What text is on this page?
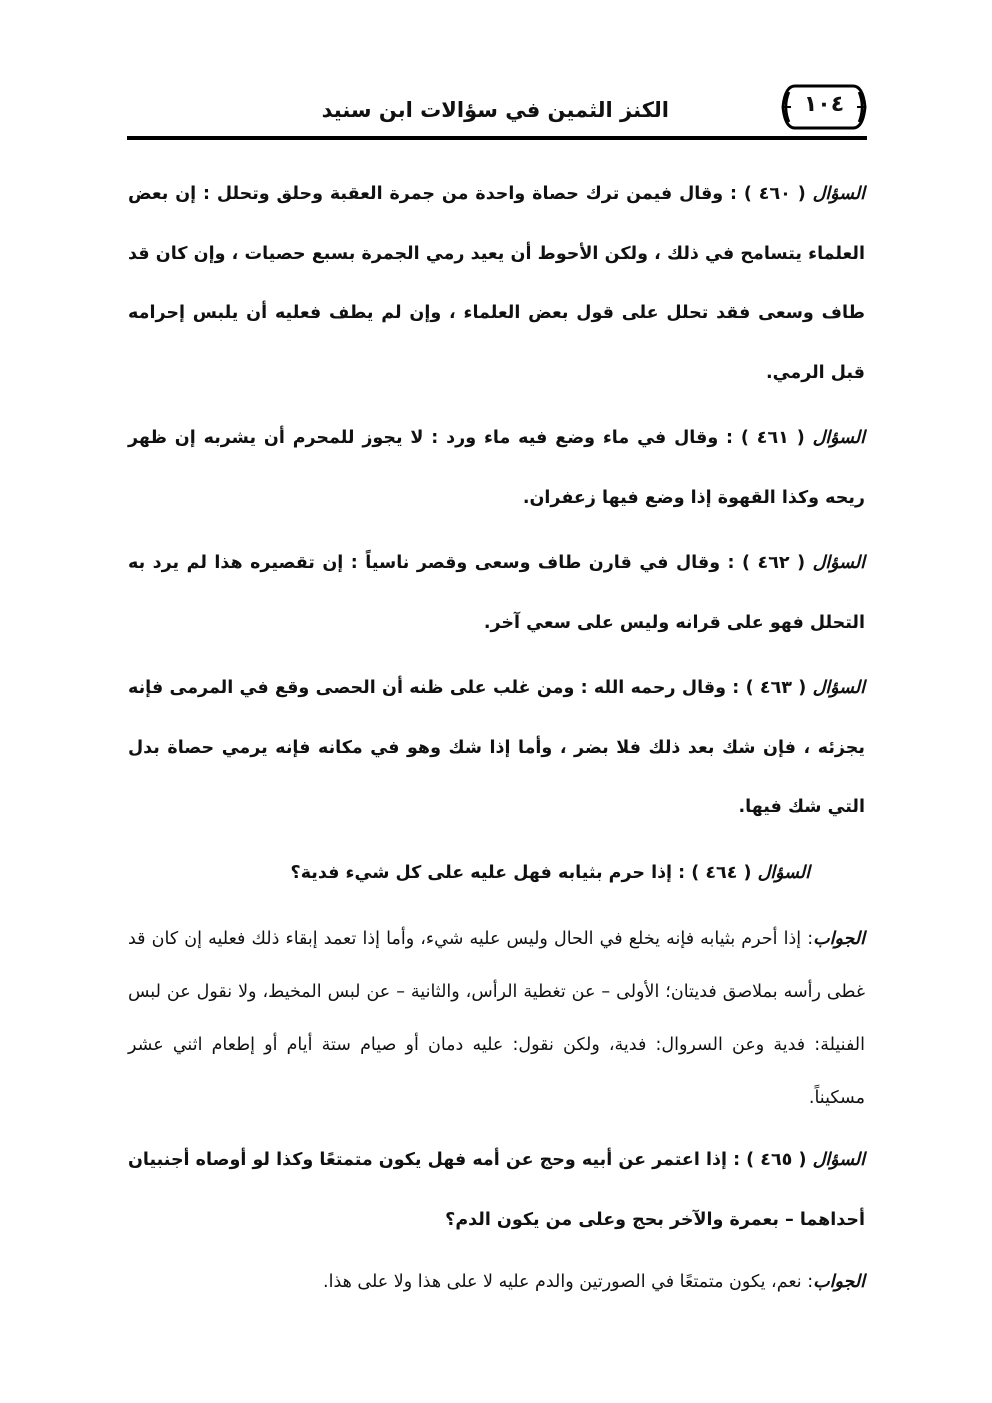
الكنز الثمين في سؤالات ابن سنيد	١٠٤

السؤال ( ٤٦٠ ) : وقال فيمن ترك حصاة واحدة من جمرة العقبة وحلق وتحلل : إن بعض العلماء يتسامح في ذلك ، ولكن الأحوط أن يعيد رمي الجمرة بسبع حصيات ، وإن كان قد طاف وسعى فقد تحلل على قول بعض العلماء ، وإن لم يطف فعليه أن يلبس إحرامه قبل الرمي.

السؤال ( ٤٦١ ) : وقال في ماء وضع فيه ماء ورد : لا يجوز للمحرم أن يشربه إن ظهر ريحه وكذا القهوة إذا وضع فيها زعفران.

السؤال ( ٤٦٢ ) : وقال في قارن طاف وسعى وقصر ناسياً : إن تقصيره هذا لم يرد به التحلل فهو على قرانه وليس على سعي آخر.

السؤال ( ٤٦٣ ) : وقال رحمه الله : ومن غلب على ظنه أن الحصى وقع في المرمى فإنه يجزئه ، فإن شك بعد ذلك فلا بضر ، وأما إذا شك وهو في مكانه فإنه يرمي حصاة بدل التي شك فيها.

السؤال ( ٤٦٤ ) : إذا حرم بثيابه فهل عليه على كل شيء فدية؟

الجواب: إذا أحرم بثيابه فإنه يخلع في الحال وليس عليه شيء، وأما إذا تعمد إبقاء ذلك فعليه إن كان قد غطى رأسه بملاصق فديتان؛ الأولى – عن تغطية الرأس، والثانية – عن لبس المخيط، ولا نقول عن لبس الفنيلة: فدية وعن السروال: فدية، ولكن نقول: عليه دمان أو صيام ستة أيام أو إطعام اثني عشر مسكيناً.

السؤال ( ٤٦٥ ) : إذا اعتمر عن أبيه وحج عن أمه فهل يكون متمتعًا وكذا لو أوصاه أجنبيان أحداهما – بعمرة والآخر بحج وعلى من يكون الدم؟

الجواب: نعم، يكون متمتعًا في الصورتين والدم عليه لا على هذا ولا على هذا.
